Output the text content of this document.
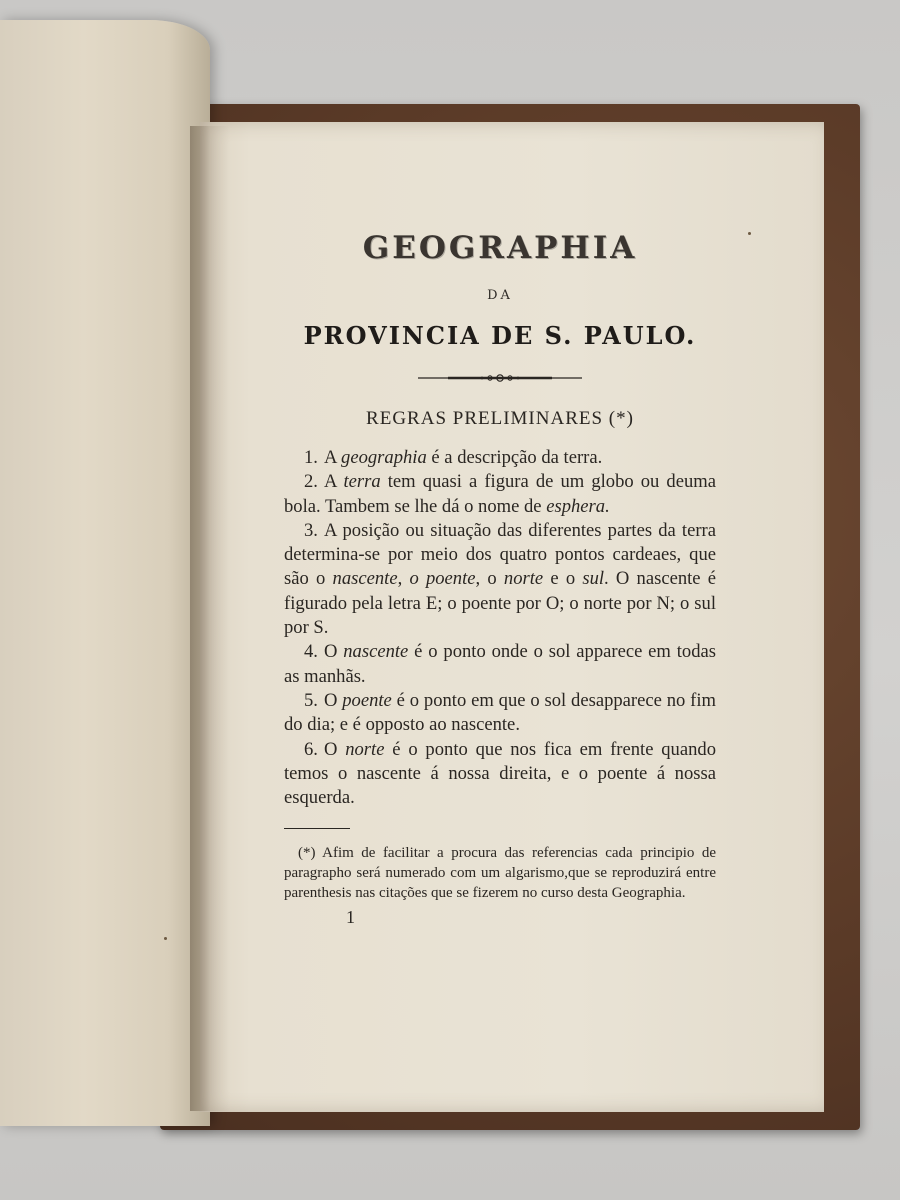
GEOGRAPHIA
DA
PROVINCIA DE S. PAULO.
REGRAS PRELIMINARES (*)

1. A geographia é a descripção da terra.

2. A terra tem quasi a figura de um globo ou deuma bola. Tambem se lhe dá o nome de esphera.

3. A posição ou situação das diferentes partes da terra determina-se por meio dos quatro pontos cardeaes, que são o nascente, o poente, o norte e o sul. O nascente é figurado pela letra E; o poente por O; o norte por N; o sul por S.

4. O nascente é o ponto onde o sol apparece em todas as manhãs.

5. O poente é o ponto em que o sol desapparece no fim do dia; e é opposto ao nascente.

6. O norte é o ponto que nos fica em frente quando temos o nascente á nossa direita, e o poente á nossa esquerda.

(*) Afim de facilitar a procura das referencias cada principio de paragrapho será numerado com um algarismo,que se reproduzirá entre parenthesis nas citações que se fizerem no curso desta Geographia.

1
